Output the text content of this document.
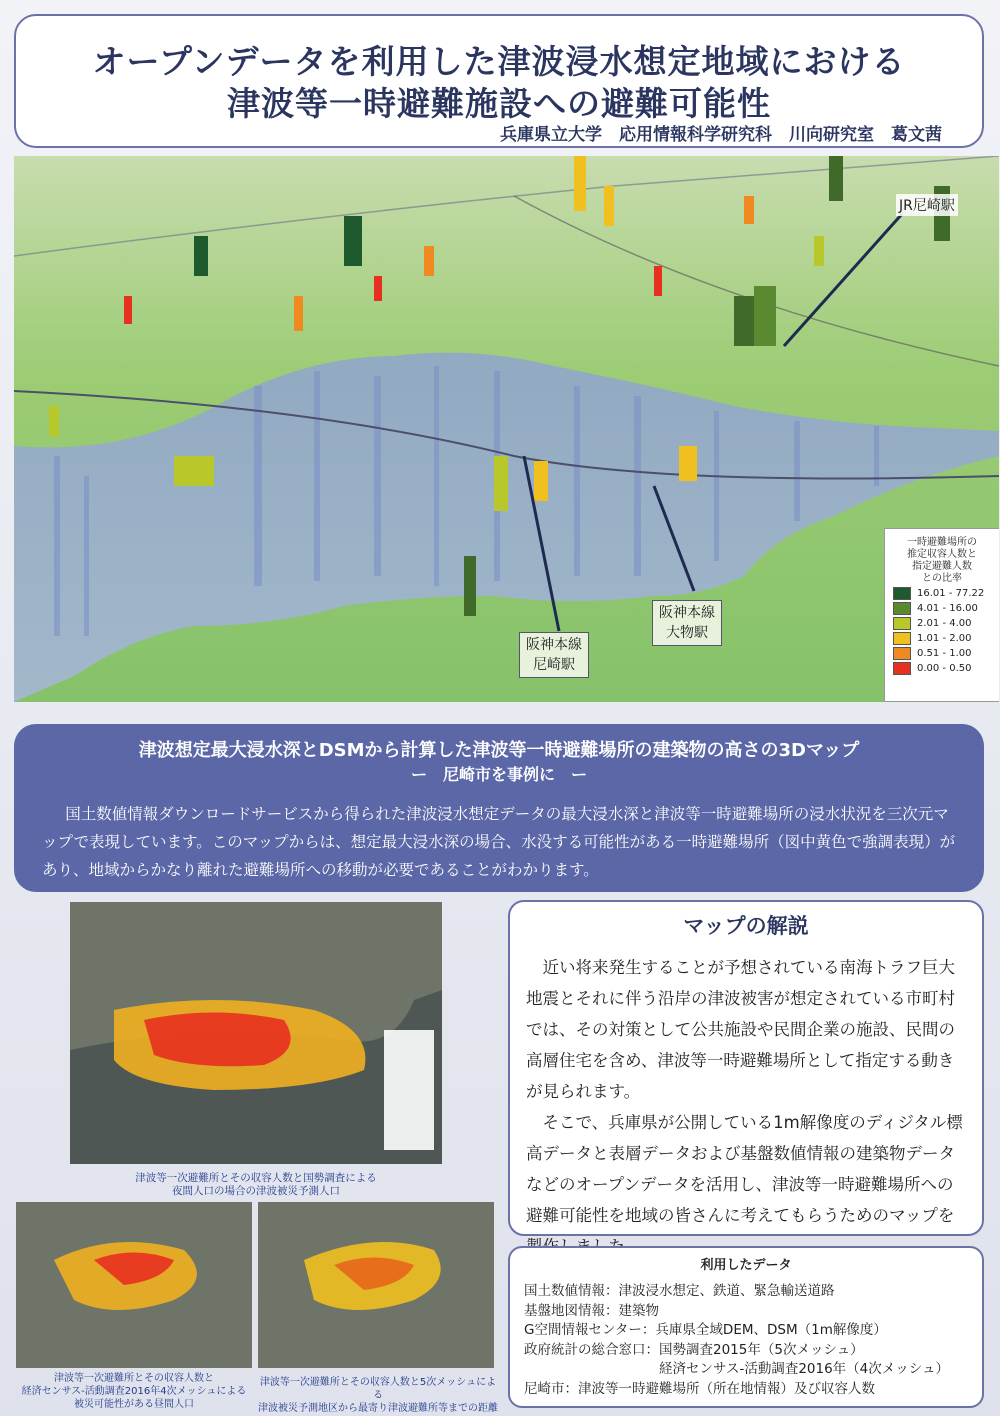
オープンデータを利用した津波浸水想定地域における
津波等一時避難施設への避難可能性
兵庫県立大学　応用情報科学研究科　川向研究室　葛文茜
JR尼崎駅
阪神本線
尼崎駅
阪神本線
大物駅
一時避難場所の
推定収容人数と
指定避難人数
との比率
16.01 - 77.22
4.01 - 16.00
2.01 - 4.00
1.01 - 2.00
0.51 - 1.00
0.00 - 0.50
津波想定最大浸水深とDSMから計算した津波等一時避難場所の建築物の高さの3Dマップ
ー　尼崎市を事例に　ー
国土数値情報ダウンロードサービスから得られた津波浸水想定データの最大浸水深と津波等一時避難場所の浸水状況を三次元マップで表現しています。このマップからは、想定最大浸水深の場合、水没する可能性がある一時避難場所（図中黄色で強調表現）があり、地域からかなり離れた避難場所への移動が必要であることがわかります。
津波等一次避難所とその収容人数と国勢調査による
夜間人口の場合の津波被災予測人口
津波等一次避難所とその収容人数と
経済センサス-活動調査2016年4次メッシュによる
被災可能性がある昼間人口
津波等一次避難所とその収容人数と5次メッシュによる
津波被災予測地区から最寄り津波避難所等までの距離
マップの解説

近い将来発生することが予想されている南海トラフ巨大地震とそれに伴う沿岸の津波被害が想定されている市町村では、その対策として公共施設や民間企業の施設、民間の高層住宅を含め、津波等一時避難場所として指定する動きが見られます。

そこで、兵庫県が公開している1m解像度のディジタル標高データと表層データおよび基盤数値情報の建築物データなどのオープンデータを活用し、津波等一時避難場所への避難可能性を地域の皆さんに考えてもらうためのマップを

利用したデータ
国土数値情報：津波浸水想定、鉄道、緊急輸送道路
基盤地図情報：建築物
G空間情報センター：兵庫県全域DEM、DSM（1m解像度）
政府統計の総合窓口：国勢調査2015年（5次メッシュ）
　　　　　　　　　　経済センサス-活動調査2016年（4次メッシュ）
尼崎市：津波等一時避難場所（所在地情報）及び収容人数
